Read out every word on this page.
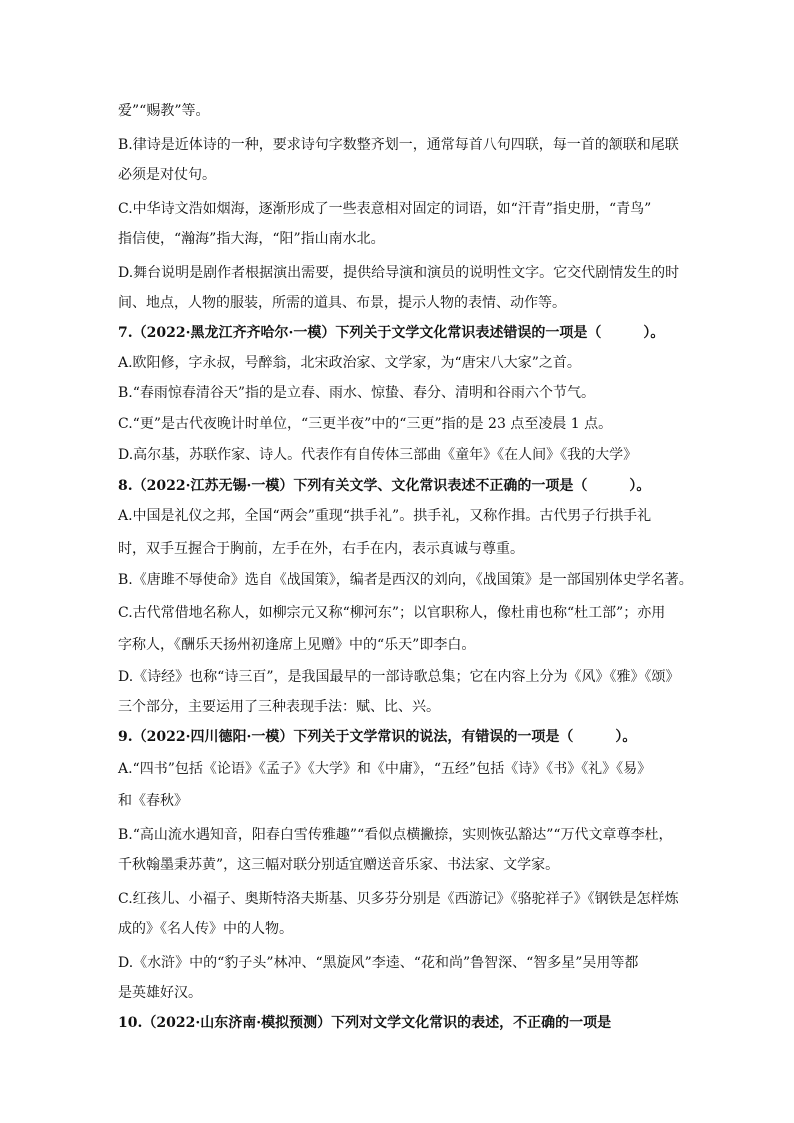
爱”“赐教”等。
B.律诗是近体诗的一种，要求诗句字数整齐划一，通常每首八句四联，每一首的颔联和尾联
必须是对仗句。
C.中华诗文浩如烟海，逐渐形成了一些表意相对固定的词语，如“汗青”指史册，“青鸟”
指信使，“瀚海”指大海，“阳”指山南水北。
D.舞台说明是剧作者根据演出需要，提供给导演和演员的说明性文字。它交代剧情发生的时
间、地点，人物的服装，所需的道具、布景，提示人物的表情、动作等。
7.（2022·黑龙江齐齐哈尔·一模）下列关于文学文化常识表述错误的一项是（　　　）。
A.欧阳修，字永叔，号醉翁，北宋政治家、文学家，为“唐宋八大家”之首。
B.“春雨惊春清谷天”指的是立春、雨水、惊蛰、春分、清明和谷雨六个节气。
C.“更”是古代夜晚计时单位，“三更半夜”中的“三更”指的是 23 点至凌晨 1 点。
D.高尔基，苏联作家、诗人。代表作有自传体三部曲《童年》《在人间》《我的大学》
8.（2022·江苏无锡·一模）下列有关文学、文化常识表述不正确的一项是（　　　）。
A.中国是礼仪之邦，全国“两会”重现“拱手礼”。拱手礼，又称作揖。古代男子行拱手礼
时，双手互握合于胸前，左手在外，右手在内，表示真诚与尊重。
B.《唐雎不辱使命》选自《战国策》，编者是西汉的刘向，《战国策》是一部国别体史学名著。
C.古代常借地名称人，如柳宗元又称“柳河东”；以官职称人，像杜甫也称“杜工部”；亦用
字称人，《酬乐天扬州初逢席上见赠》中的“乐天”即李白。
D.《诗经》也称“诗三百”，是我国最早的一部诗歌总集；它在内容上分为《风》《雅》《颂》
三个部分，主要运用了三种表现手法：赋、比、兴。
9.（2022·四川德阳·一模）下列关于文学常识的说法，有错误的一项是（　　　）。
A.“四书”包括《论语》《孟子》《大学》和《中庸》，“五经”包括《诗》《书》《礼》《易》
和《春秋》
B.“高山流水遇知音，阳春白雪传雅趣”“看似点横撇捺，实则恢弘豁达”“万代文章尊李杜，
千秋翰墨秉苏黄”，这三幅对联分别适宜赠送音乐家、书法家、文学家。
C.红孩儿、小福子、奥斯特洛夫斯基、贝多芬分别是《西游记》《骆驼祥子》《钢铁是怎样炼
成的》《名人传》中的人物。
D.《水浒》中的“豹子头”林冲、“黑旋风”李逵、“花和尚”鲁智深、“智多星”吴用等都
是英雄好汉。
10.（2022·山东济南·模拟预测）下列对文学文化常识的表述，不正确的一项是
